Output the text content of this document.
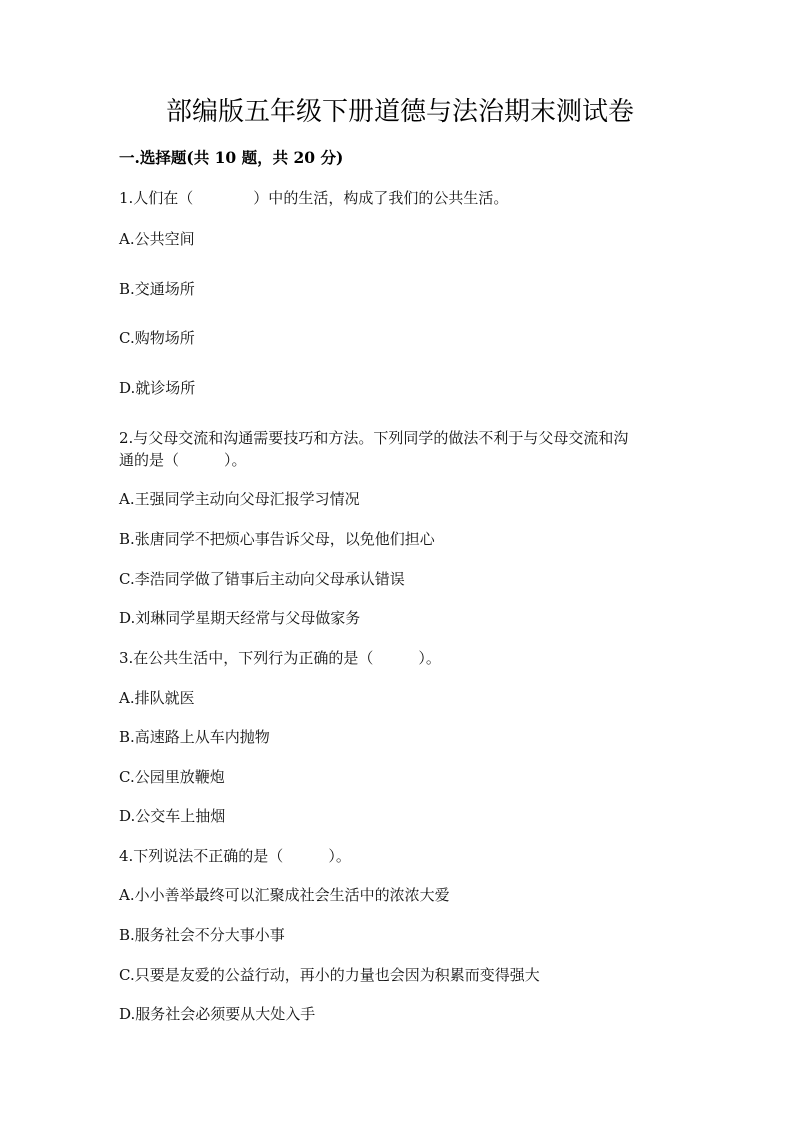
部编版五年级下册道德与法治期末测试卷
一.选择题(共 10 题，共 20 分)
1.人们在（　　　　）中的生活，构成了我们的公共生活。
A.公共空间
B.交通场所
C.购物场所
D.就诊场所
2.与父母交流和沟通需要技巧和方法。下列同学的做法不利于与父母交流和沟
通的是（　　　）。
A.王强同学主动向父母汇报学习情况
B.张唐同学不把烦心事告诉父母，以免他们担心
C.李浩同学做了错事后主动向父母承认错误
D.刘琳同学星期天经常与父母做家务
3.在公共生活中，下列行为正确的是（　　　）。
A.排队就医
B.高速路上从车内抛物
C.公园里放鞭炮
D.公交车上抽烟
4.下列说法不正确的是（　　　）。
A.小小善举最终可以汇聚成社会生活中的浓浓大爱
B.服务社会不分大事小事
C.只要是友爱的公益行动，再小的力量也会因为积累而变得强大
D.服务社会必须要从大处入手
